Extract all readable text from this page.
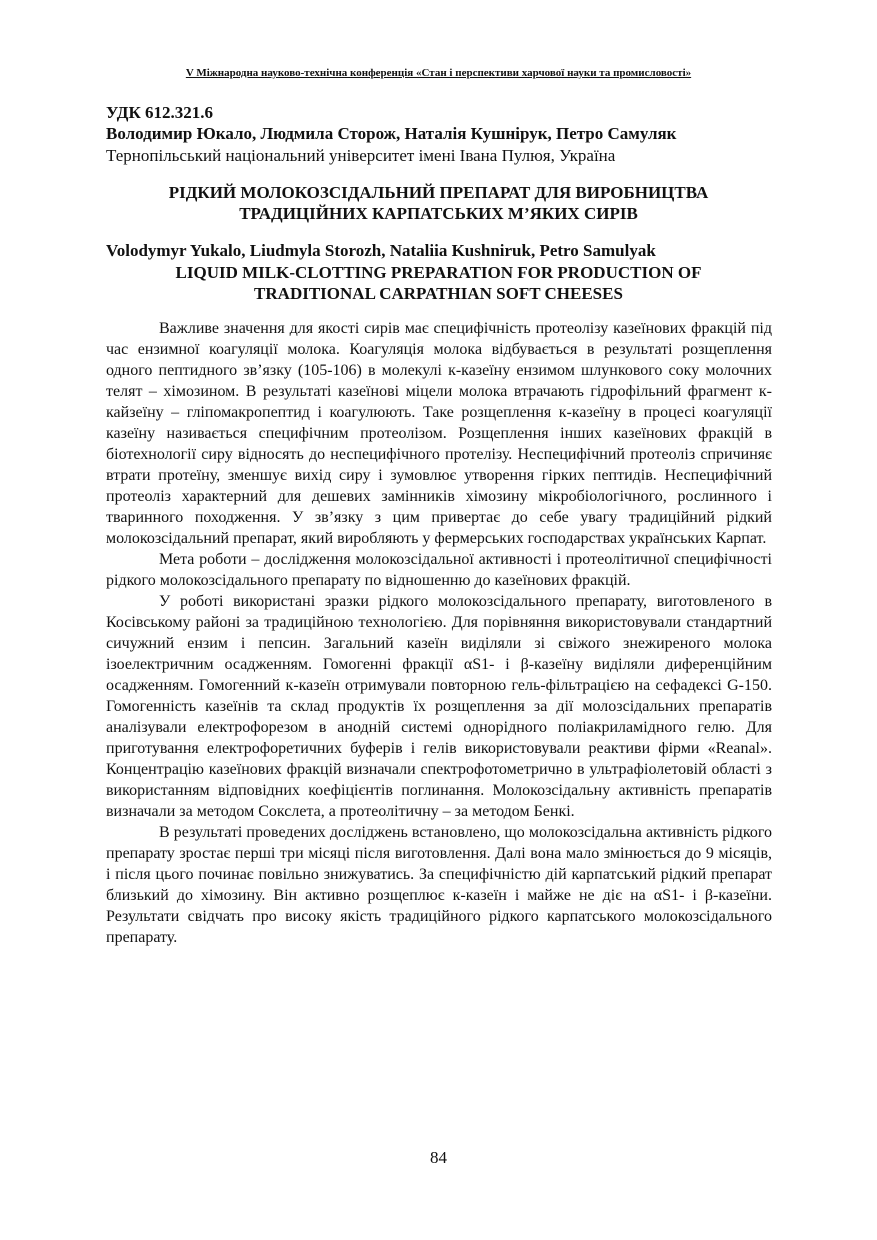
V Міжнародна науково-технічна конференція «Стан і перспективи харчової науки та промисловості»
УДК 612.321.6
Володимир Юкало, Людмила Сторож, Наталія Кушнірук, Петро Самуляк
Тернопільський національний університет імені Івана Пулюя, Україна
РІДКИЙ МОЛОКОЗСІДАЛЬНИЙ ПРЕПАРАТ ДЛЯ ВИРОБНИЦТВА
ТРАДИЦІЙНИХ КАРПАТСЬКИХ М’ЯКИХ СИРІВ
Volodymyr Yukalo, Liudmyla Storozh, Nataliia Kushniruk, Petro Samulyak
LIQUID MILK-CLOTTING PREPARATION FOR PRODUCTION OF
TRADITIONAL CARPATHIAN SOFT CHEESES

Важливе значення для якості сирів має специфічність протеолізу казеїнових фракцій під час ензимної коагуляції молока. Коагуляція молока відбувається в результаті розщеплення одного пептидного зв’язку (105-106) в молекулі к-казеїну ензимом шлункового соку молочних телят – хімозином. В результаті казеїнові міцели молока втрачають гідрофільний фрагмент к-кайзеїну – гліпомакропептид і коагулюють. Таке розщеплення к-казеїну в процесі коагуляції казеїну називається специфічним протеолізом. Розщеплення інших казеїнових фракцій в біотехнології сиру відносять до неспецифічного протелізу. Неспецифічний протеоліз спричиняє втрати протеїну, зменшує вихід сиру і зумовлює утворення гірких пептидів. Неспецифічний протеоліз характерний для дешевих замінників хімозину мікробіологічного, рослинного і тваринного походження. У зв’язку з цим привертає до себе увагу традиційний рідкий молокозсідальний препарат, який виробляють у фермерських господарствах українських Карпат.

Мета роботи – дослідження молокозсідальної активності і протеолітичної специфічності рідкого молокозсідального препарату по відношенню до казеїнових фракцій.

У роботі використані зразки рідкого молокозсідального препарату, виготовленого в Косівському районі за традиційною технологією. Для порівняння використовували стандартний сичужний ензим і пепсин. Загальний казеїн виділяли зі свіжого знежиреного молока ізоелектричним осадженням. Гомогенні фракції αS1- і β-казеїну виділяли диференційним осадженням. Гомогенний к-казеїн отримували повторною гель-фільтрацією на сефадексі G-150. Гомогенність казеїнів та склад продуктів їх розщеплення за дії молозсідальних препаратів аналізували електрофорезом в анодній системі однорідного поліакриламідного гелю. Для приготування електрофоретичних буферів і гелів використовували реактиви фірми «Reanal». Концентрацію казеїнових фракцій визначали спектрофотометрично в ультрафіолетовій області з використанням відповідних коефіцієнтів поглинання. Молокозсідальну активність препаратів визначали за методом Сокслета, а протеолітичну – за методом Бенкі.

В результаті проведених досліджень встановлено, що молокозсідальна активність рідкого препарату зростає перші три місяці після виготовлення. Далі вона мало змінюється до 9 місяців, і після цього починає повільно знижуватись. За специфічністю дій карпатський рідкий препарат близький до хімозину. Він активно розщеплює к-казеїн і майже не діє на αS1- і β-казеїни. Результати свідчать про високу якість традиційного рідкого карпатського молокозсідального препарату.

84
